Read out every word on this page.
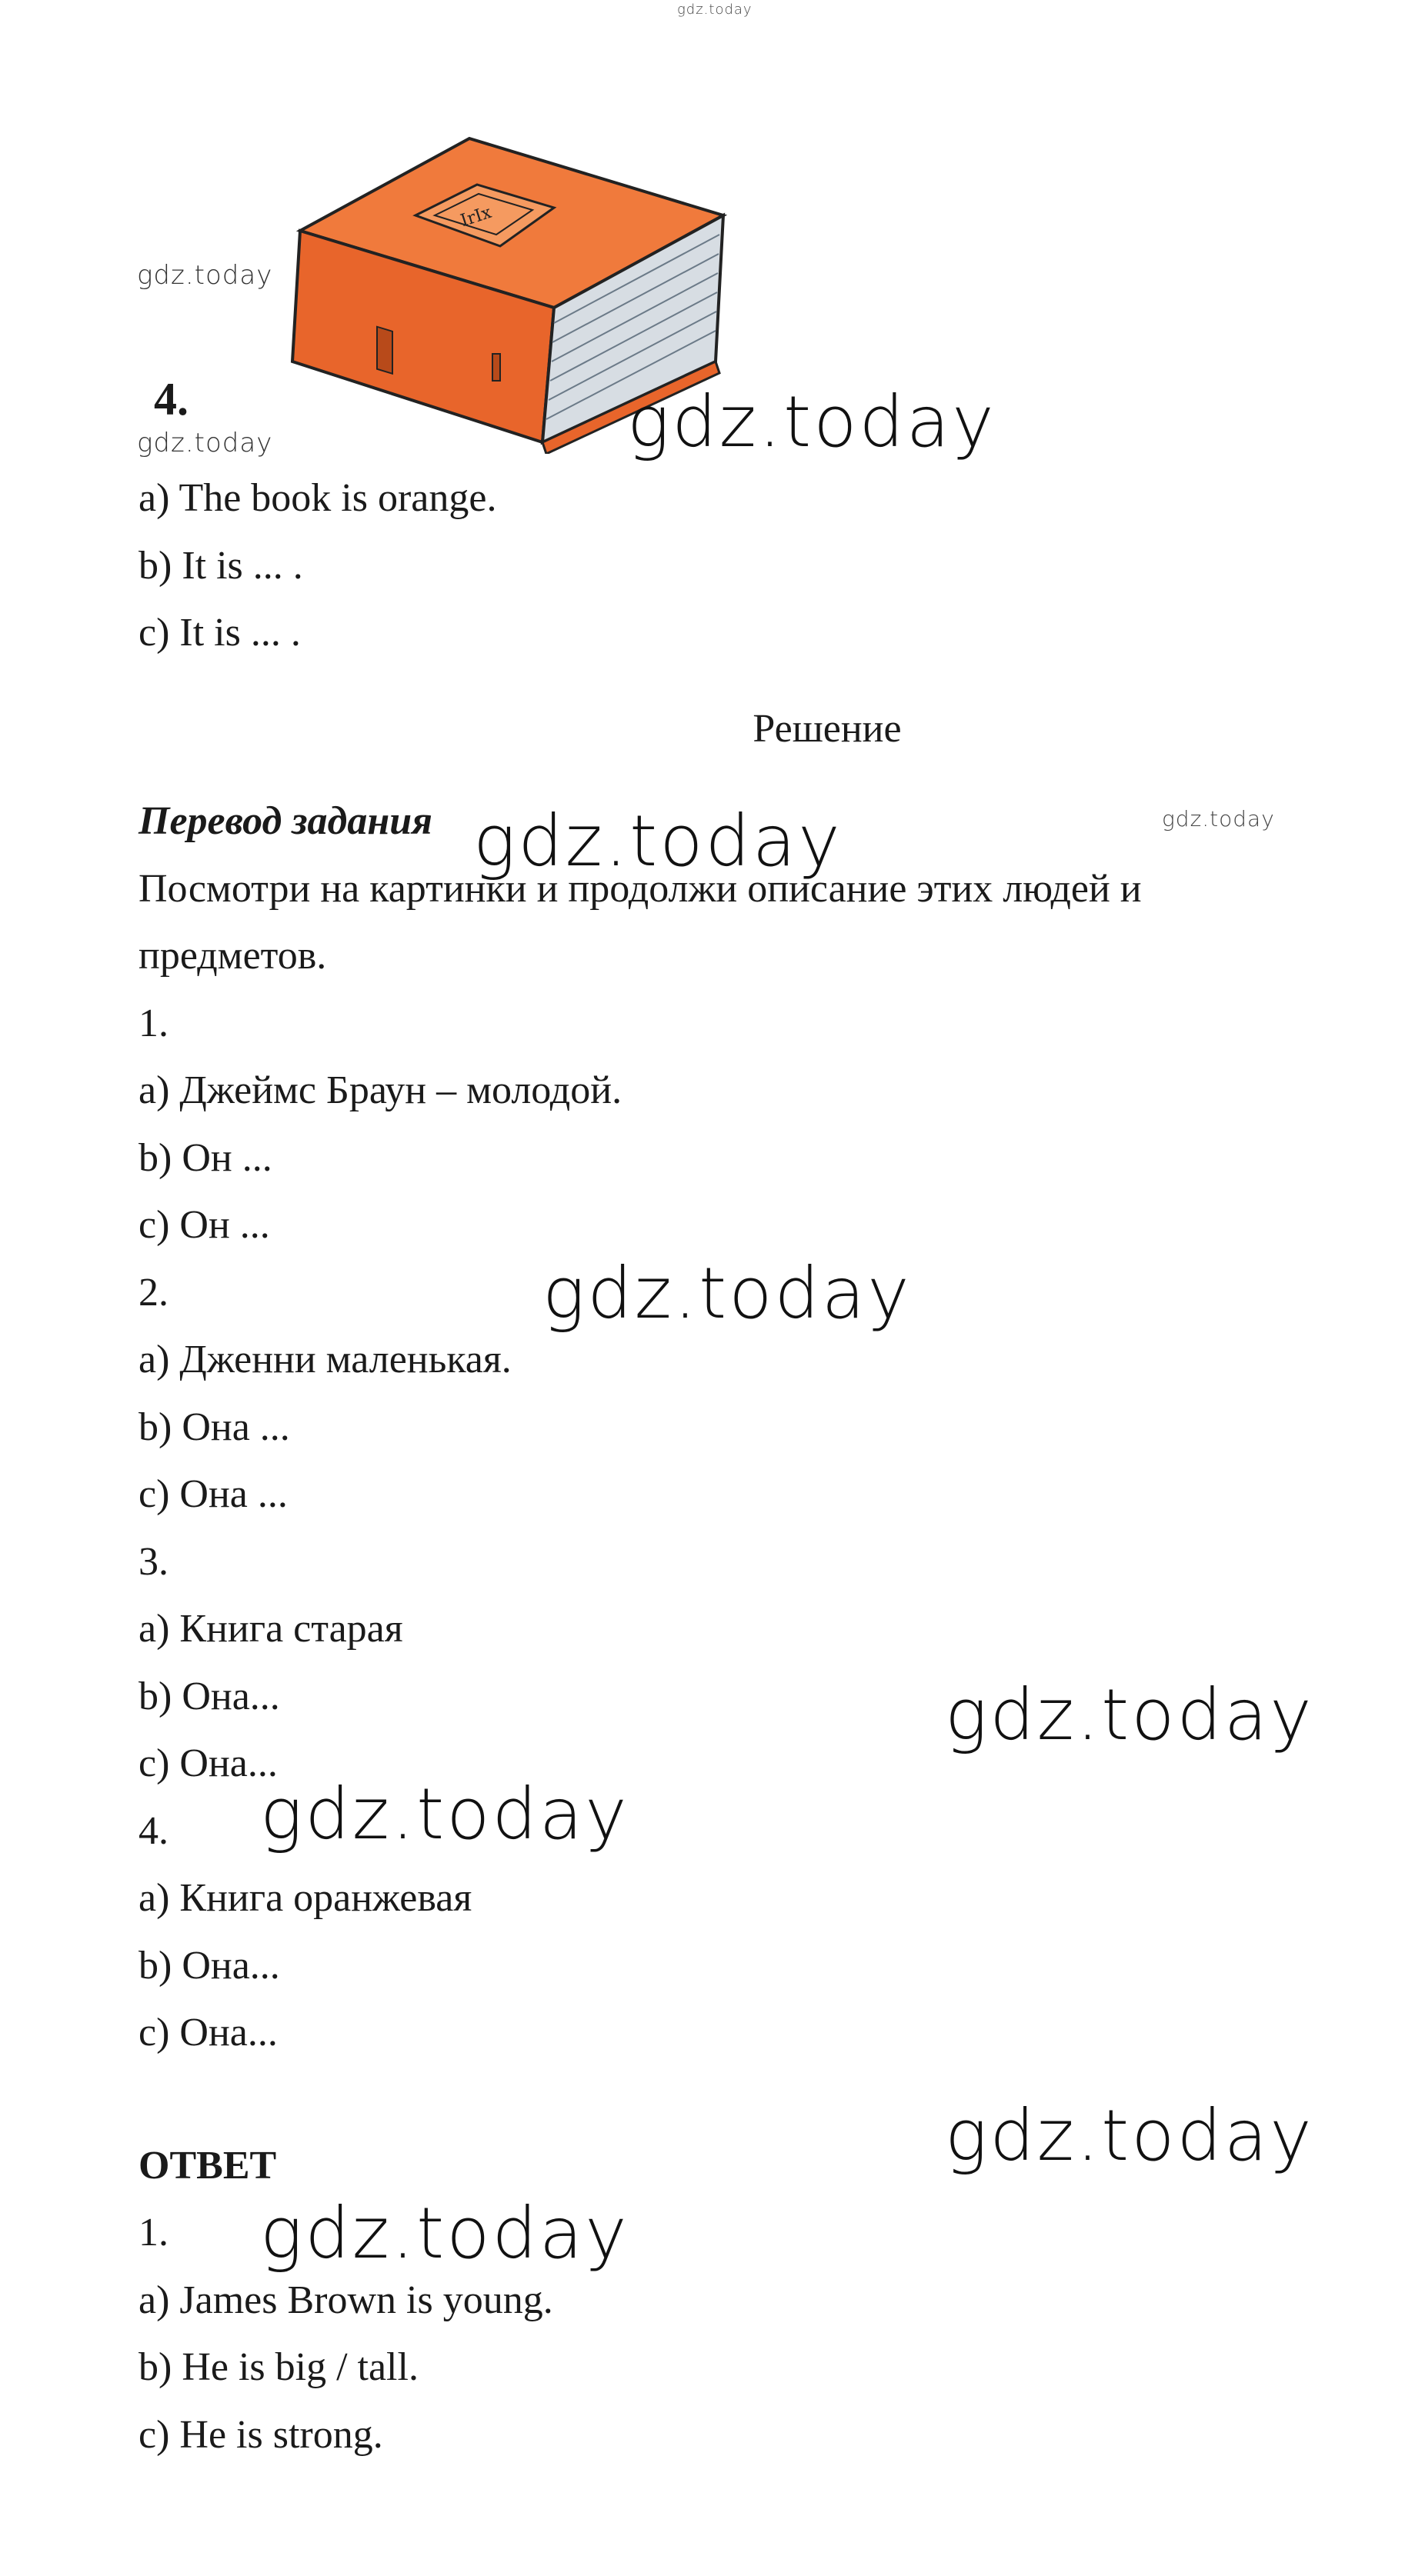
gdz.today
IrIx
gdz.today
4.
gdz.today	gdz.today
a) The book is orange.
b) It is ... .
c) It is ... .
Решение
Перевод задания gdz.today	gdz.today
Посмотри на картинки и продолжи описание этих людей и
предметов.
1.
a) Джеймс Браун – молодой.
b) Он ...
c) Он ...
2.	gdz.today
a) Дженни маленькая.
b) Она ...
c) Она ...
3.
a) Книга старая
b) Она...	gdz.today
c) Она...
4. gdz.today
a) Книга оранжевая
b) Она...
c) Она...
gdz.today
ОТВЕТ
1. gdz.today
a) James Brown is young.
b) He is big / tall.
c) He is strong.
